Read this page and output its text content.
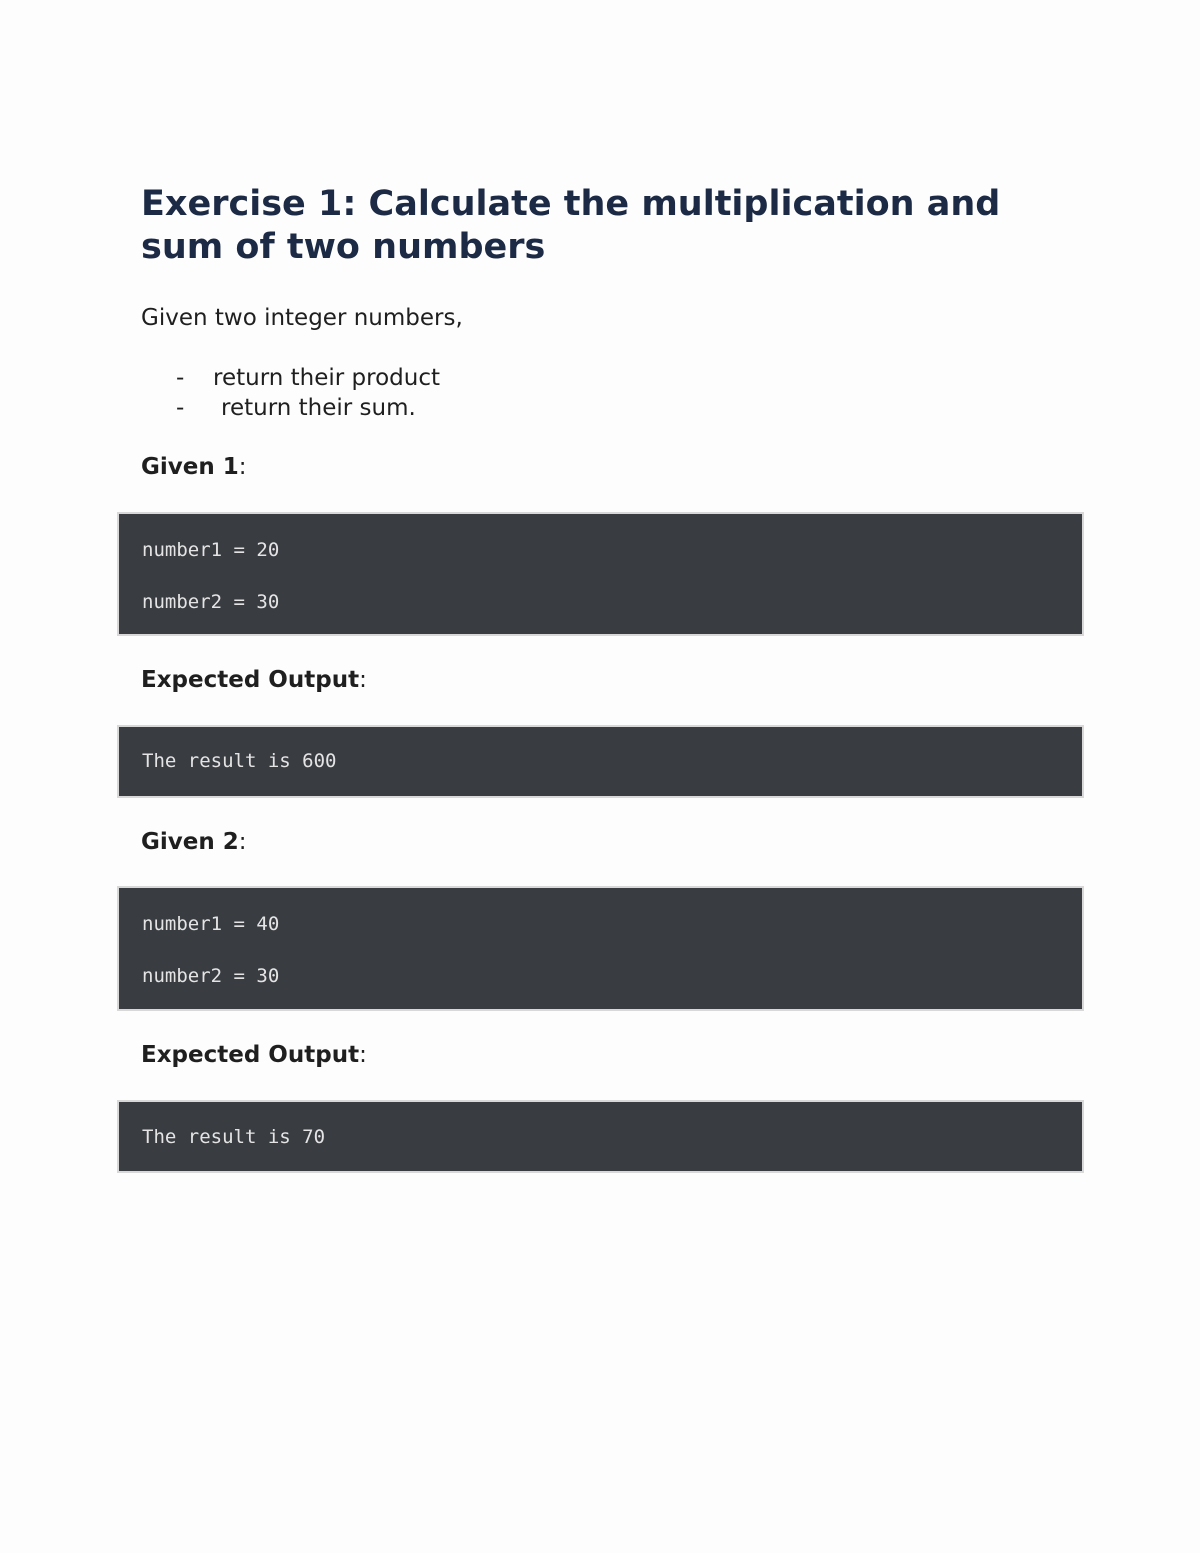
Exercise 1: Calculate the multiplication and sum of two numbers

Given two integer numbers,

- return their product
- return their sum.

Given 1:

number1 = 20
number2 = 30

Expected Output:

The result is 600

Given 2:

number1 = 40
number2 = 30

Expected Output:

The result is 70
